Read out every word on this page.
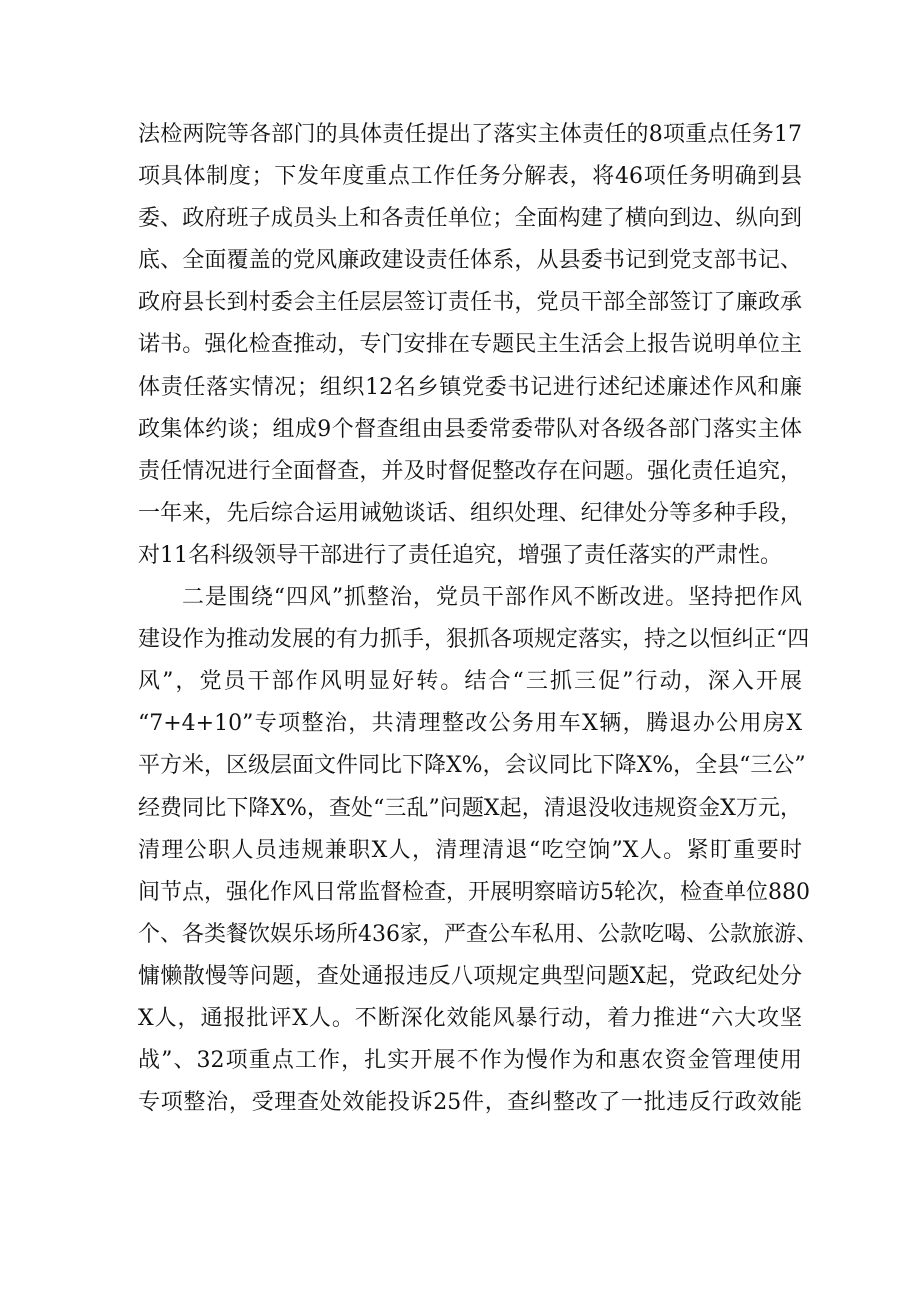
法检两院等各部门的具体责任提出了落实主体责任的8项重点任务17
项具体制度；下发年度重点工作任务分解表，将46项任务明确到县
委、政府班子成员头上和各责任单位；全面构建了横向到边、纵向到
底、全面覆盖的党风廉政建设责任体系，从县委书记到党支部书记、
政府县长到村委会主任层层签订责任书，党员干部全部签订了廉政承
诺书。强化检查推动，专门安排在专题民主生活会上报告说明单位主
体责任落实情况；组织12名乡镇党委书记进行述纪述廉述作风和廉
政集体约谈；组成9个督查组由县委常委带队对各级各部门落实主体
责任情况进行全面督查，并及时督促整改存在问题。强化责任追究，
一年来，先后综合运用诫勉谈话、组织处理、纪律处分等多种手段，
对11名科级领导干部进行了责任追究，增强了责任落实的严肃性。
二是围绕“四风”抓整治，党员干部作风不断改进。坚持把作风
建设作为推动发展的有力抓手，狠抓各项规定落实，持之以恒纠正“四
风”，党员干部作风明显好转。结合“三抓三促”行动，深入开展
“7+4+10”专项整治，共清理整改公务用车X辆，腾退办公用房X
平方米，区级层面文件同比下降X%，会议同比下降X%，全县“三公”
经费同比下降X%，查处“三乱”问题X起，清退没收违规资金X万元，
清理公职人员违规兼职X人，清理清退“吃空饷”X人。紧盯重要时
间节点，强化作风日常监督检查，开展明察暗访5轮次，检查单位880
个、各类餐饮娱乐场所436家，严查公车私用、公款吃喝、公款旅游、
慵懒散慢等问题，查处通报违反八项规定典型问题X起，党政纪处分
X人，通报批评X人。不断深化效能风暴行动，着力推进“六大攻坚
战”、32项重点工作，扎实开展不作为慢作为和惠农资金管理使用
专项整治，受理查处效能投诉25件，查纠整改了一批违反行政效能
